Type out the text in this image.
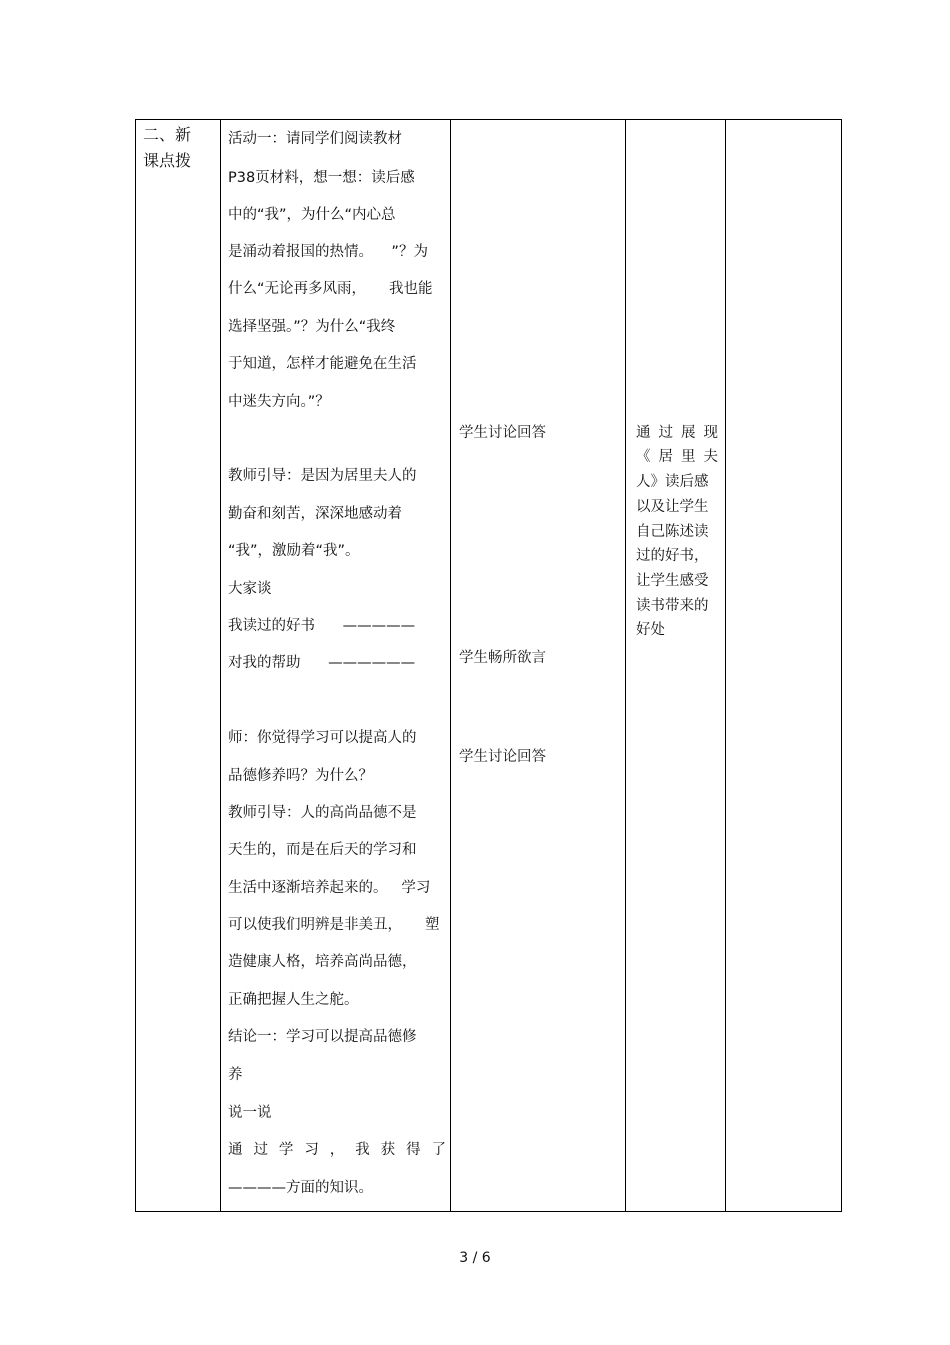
二、新
课点拨
活动一：请同学们阅读教材
P38页材料，想一想：读后感
中的“我”，为什么“内心总
是涌动着报国的热情。    ”？为
什么“无论再多风雨，     我也能
选择坚强。”？为什么“我终
于知道，怎样才能避免在生活
中迷失方向。”？
教师引导：是因为居里夫人的
勤奋和刻苦，深深地感动着
“我”，激励着“我”。
大家谈
我读过的好书      —————
对我的帮助      ——————
师：你觉得学习可以提高人的
品德修养吗？为什么？
教师引导：人的高尚品德不是
天生的，而是在后天的学习和
生活中逐渐培养起来的。   学习
可以使我们明辨是非美丑，     塑
造健康人格，培养高尚品德，
正确把握人生之舵。
结论一：学习可以提高品德修
养
说一说
通 过 学 习 ， 我 获 得 了
————方面的知识。
学生讨论回答
学生畅所欲言
学生讨论回答
通 过 展 现
《 居 里 夫
人》读后感
以及让学生
自己陈述读
过的好书，
让学生感受
读书带来的
好处
3 / 6
